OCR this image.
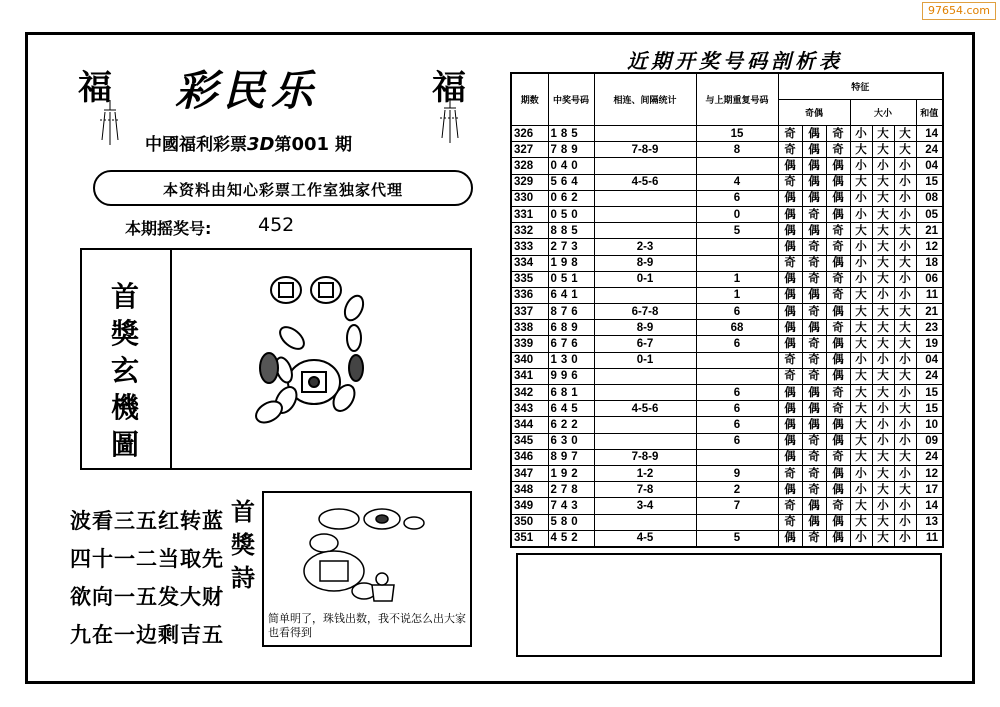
97654.com
福	福
彩民乐
中國福利彩票3D第001 期
本资料由知心彩票工作室独家代理
本期摇奖号: 452
首
獎
玄
機
圖
波看三五红转蓝
四十一二当取先
欲向一五发大财
九在一边剩吉五
首
獎
詩
简单明了，珠钱出数，我不说怎么出大家也看得到
近期开奖号码剖析表
期数	中奖号码	相连、间隔统计	与上期重复号码	特征						
				奇偶			大小			和值
326	185		15	奇	偶	奇	小	大	大	14
327	789	7-8-9	8	奇	偶	奇	大	大	大	24
328	040			偶	偶	偶	小	小	小	04
329	564	4-5-6	4	奇	偶	偶	大	大	小	15
330	062		6	偶	偶	偶	小	大	小	08
331	050		0	偶	奇	偶	小	大	小	05
332	885		5	偶	偶	奇	大	大	大	21
333	273	2-3		偶	奇	奇	小	大	小	12
334	198	8-9		奇	奇	偶	小	大	大	18
335	051	0-1	1	偶	奇	奇	小	大	小	06
336	641		1	偶	偶	奇	大	小	小	11
337	876	6-7-8	6	偶	奇	偶	大	大	大	21
338	689	8-9	68	偶	偶	奇	大	大	大	23
339	676	6-7	6	偶	奇	偶	大	大	大	19
340	130	0-1		奇	奇	偶	小	小	小	04
341	996			奇	奇	偶	大	大	大	24
342	681		6	偶	偶	奇	大	大	小	15
343	645	4-5-6	6	偶	偶	奇	大	小	大	15
344	622		6	偶	偶	偶	大	小	小	10
345	630		6	偶	奇	偶	大	小	小	09
346	897	7-8-9		偶	奇	奇	大	大	大	24
347	192	1-2	9	奇	奇	偶	小	大	小	12
348	278	7-8	2	偶	奇	偶	小	大	大	17
349	743	3-4	7	奇	偶	奇	大	小	小	14
350	580			奇	偶	偶	大	大	小	13
351	452	4-5	5	偶	奇	偶	小	大	小	11
